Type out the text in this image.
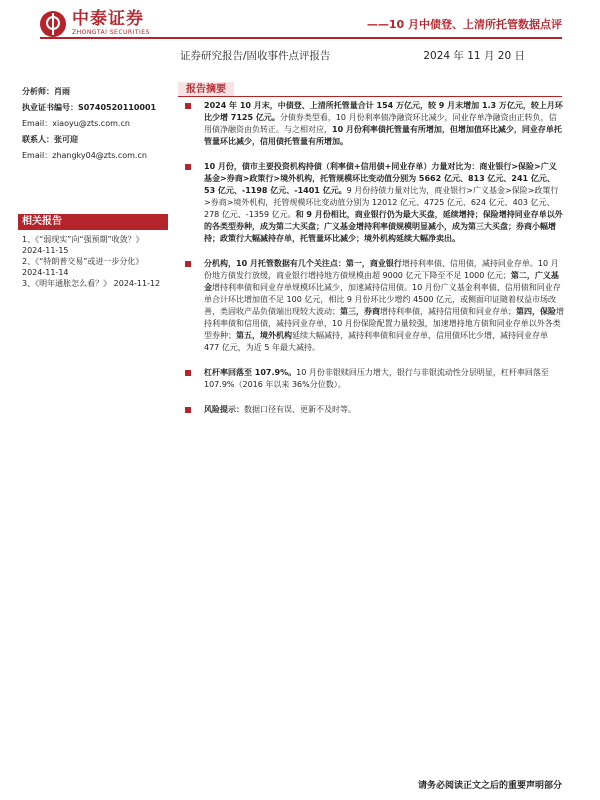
中泰证券
ZHONGTAI SECURITIES
——10 月中债登、上清所托管数据点评
证券研究报告/固收事件点评报告	2024 年 11 月 20 日
分析师：肖雨
执业证书编号：S0740520110001
Email：xiaoyu@zts.com.cn
联系人：张可迎
Email：zhangky04@zts.com.cn
相关报告
1、《“弱现实”向“强预期”收敛？》
2024-11-15
2、《“特朗普交易”或进一步分化》
2024-11-14
3、《明年通胀怎么看？》 2024-11-12
报告摘要

2024 年 10 月末，中债登、上清所托管量合计 154 万亿元，较 9 月末增加 1.3 万亿元，较上月环比少增 7125 亿元。分债券类型看，10 月份利率债净融资环比减少，同业存单净融资由正转负，信用债净融资由负转正。与之相对应，10 月份利率债托管量有所增加，但增加值环比减少，同业存单托管量环比减少，信用债托管量有所增加。

10 月份，债市主要投资机构持债（利率债+信用债+同业存单）力量对比为：商业银行>保险>广义基金>券商>政策行>境外机构，托管规模环比变动值分别为 5662 亿元、813 亿元、241 亿元、53 亿元、-1198 亿元、-1401 亿元。9 月份持债力量对比为，商业银行>广义基金>保险>政策行>券商>境外机构，托管规模环比变动值分别为 12012 亿元、4725 亿元、624 亿元、403 亿元、278 亿元、-1359 亿元。和 9 月份相比，商业银行仍为最大买盘，延续增持；保险增持同业存单以外的各类型券种，成为第二大买盘；广义基金增持利率债规模明显减小，成为第三大买盘；券商小幅增持；政策行大幅减持存单，托管量环比减少；境外机构延续大幅净卖出。

分机构，10 月托管数据有几个关注点：第一，商业银行增持利率债、信用债，减持同业存单。10 月份地方债发行放缓，商业银行增持地方债规模由超 9000 亿元下降至不足 1000 亿元；第二，广义基金增持利率债和同业存单规模环比减少，加速减持信用债。10 月份广义基金利率债、信用债和同业存单合计环比增加值不足 100 亿元，相比 9 月份环比少增约 4500 亿元，或侧面印证随着权益市场改善，类固收产品负债端出现较大波动；第三，券商增持利率债，减持信用债和同业存单；第四，保险增持利率债和信用债，减持同业存单，10 月份保险配置力量较强，加速增持地方债和同业存单以外各类型券种；第五，境外机构延续大幅减持，减持利率债和同业存单，信用债环比少增，减持同业存单 477 亿元，为近 5 年最大减持。

杠杆率回落至 107.9%。10 月份非银赎回压力增大，银行与非银流动性分层明显，杠杆率回落至 107.9%（2016 年以来 36%分位数）。

风险提示：数据口径有误、更新不及时等。

请务必阅读正文之后的重要声明部分
